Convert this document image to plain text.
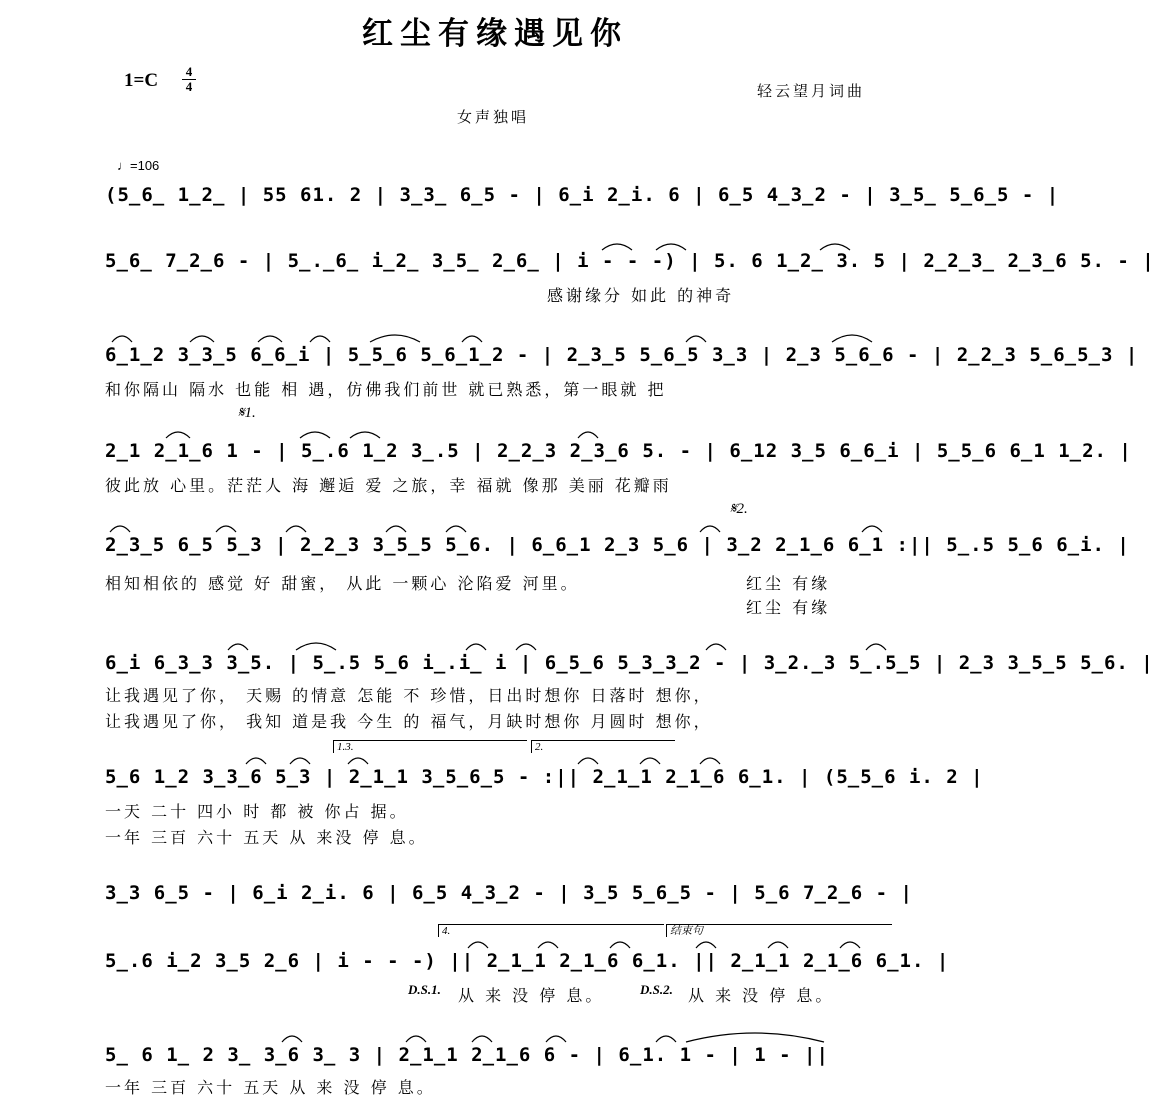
红尘有缘遇见你
1=C 4
4	轻云望月词曲
女声独唱
♩=106
(5̲6̲ 1̲2̲ | 55 61. 2 | 3̲3̲ 6̲5 - | 6̲i 2̲i. 6 | 6̲5 4̲3̲2 - | 3̲5̲ 5̲6̲5 - |
5̲6̲ 7̲2̲6 - | 5̲.̲6̲ i̲2̲ 3̲5̲ 2̲6̲ | i - - -) | 5. 6 1̲2̲ 3. 5 | 2̲2̲3̲ 2̲3̲6 5. - |
感谢缘分 如此 的神奇
6̲1̲2 3̲3̲5 6̲6̲i | 5̲5̲6 5̲6̲1̲2 - | 2̲3̲5 5̲6̲5 3̲3 | 2̲3 5̲6̲6 - | 2̲2̲3 5̲6̲5̲3 |
和你隔山 隔水 也能 相 遇，仿佛我们前世 就已熟悉，第一眼就 把
𝄋1.
2̲1 2̲1̲6 1 - | 5̲.6 1̲2 3̲.5 | 2̲2̲3 2̲3̲6 5. - | 6̲12 3̲5 6̲6̲i | 5̲5̲6 6̲1 1̲2. |
彼此放 心里。茫茫人 海 邂逅 爱 之旅，幸 福就 像那 美丽 花瓣雨
𝄋2.
2̲3̲5 6̲5 5̲3 | 2̲2̲3 3̲5̲5 5̲6. | 6̲6̲1 2̲3 5̲6 | 3̲2 2̲1̲6 6̲1 :|| 5̲.5 5̲6 6̲i. |
相知相依的 感觉 好 甜蜜， 从此 一颗心 沦陷爱 河里。	红尘 有缘
红尘 有缘
6̲i 6̲3̲3 3̲5. | 5̲.5 5̲6 i̲.i̲ i | 6̲5̲6 5̲3̲3̲2 - | 3̲2.̲3 5̲.5̲5 | 2̲3 3̲5̲5 5̲6. |
让我遇见了你， 天赐 的情意 怎能 不 珍惜，日出时想你 日落时 想你，
让我遇见了你， 我知 道是我 今生 的 福气，月缺时想你 月圆时 想你，
1.3.	2.
5̲6 1̲2 3̲3̲6 5̲3 | 2̲1̲1 3̲5̲6̲5 - :|| 2̲1̲1 2̲1̲6 6̲1. | (5̲5̲6 i. 2 |
一天 二十 四小 时 都 被 你占 据。
一年 三百 六十 五天 从 来没 停 息。
3̲3 6̲5 - | 6̲i 2̲i. 6 | 6̲5 4̲3̲2 - | 3̲5 5̲6̲5 - | 5̲6 7̲2̲6 - |
4.	结束句
5̲.6 i̲2 3̲5 2̲6 | i - - -) || 2̲1̲1 2̲1̲6 6̲1. || 2̲1̲1 2̲1̲6 6̲1. |
D.S.1. 从 来 没 停 息。	D.S.2. 从 来 没 停 息。
5̲ 6 1̲ 2 3̲ 3̲6 3̲ 3 | 2̲1̲1 2̲1̲6 6 - | 6̲1. 1 - | 1 - ||
一年 三百 六十 五天 从 来 没 停 息。
